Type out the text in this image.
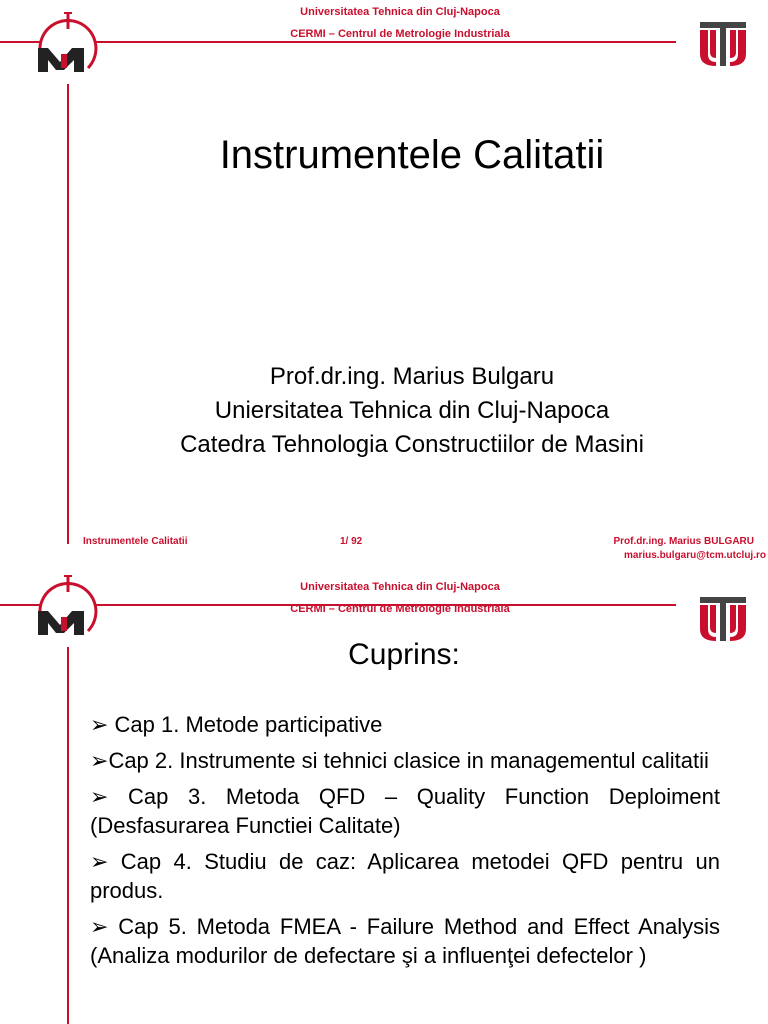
Universitatea Tehnica din Cluj-Napoca
CERMI – Centrul de Metrologie Industriala
Instrumentele Calitatii
Prof.dr.ing. Marius Bulgaru
Uniersitatea Tehnica din Cluj-Napoca
Catedra Tehnologia Constructiilor de Masini
Instrumentele Calitatii	1/ 92	Prof.dr.ing. Marius BULGARU
marius.bulgaru@tcm.utcluj.ro
Universitatea Tehnica din Cluj-Napoca
CERMI – Centrul de Metrologie Industriala
Cuprins:
➢ Cap 1. Metode participative
➢Cap 2. Instrumente si tehnici clasice in managementul calitatii
➢ Cap 3. Metoda QFD – Quality Function Deploiment (Desfasurarea Functiei Calitate)
➢ Cap 4. Studiu de caz: Aplicarea metodei QFD pentru un produs.
➢ Cap 5. Metoda FMEA - Failure Method and Effect Analysis (Analiza modurilor de defectare şi a influenţei defectelor )
